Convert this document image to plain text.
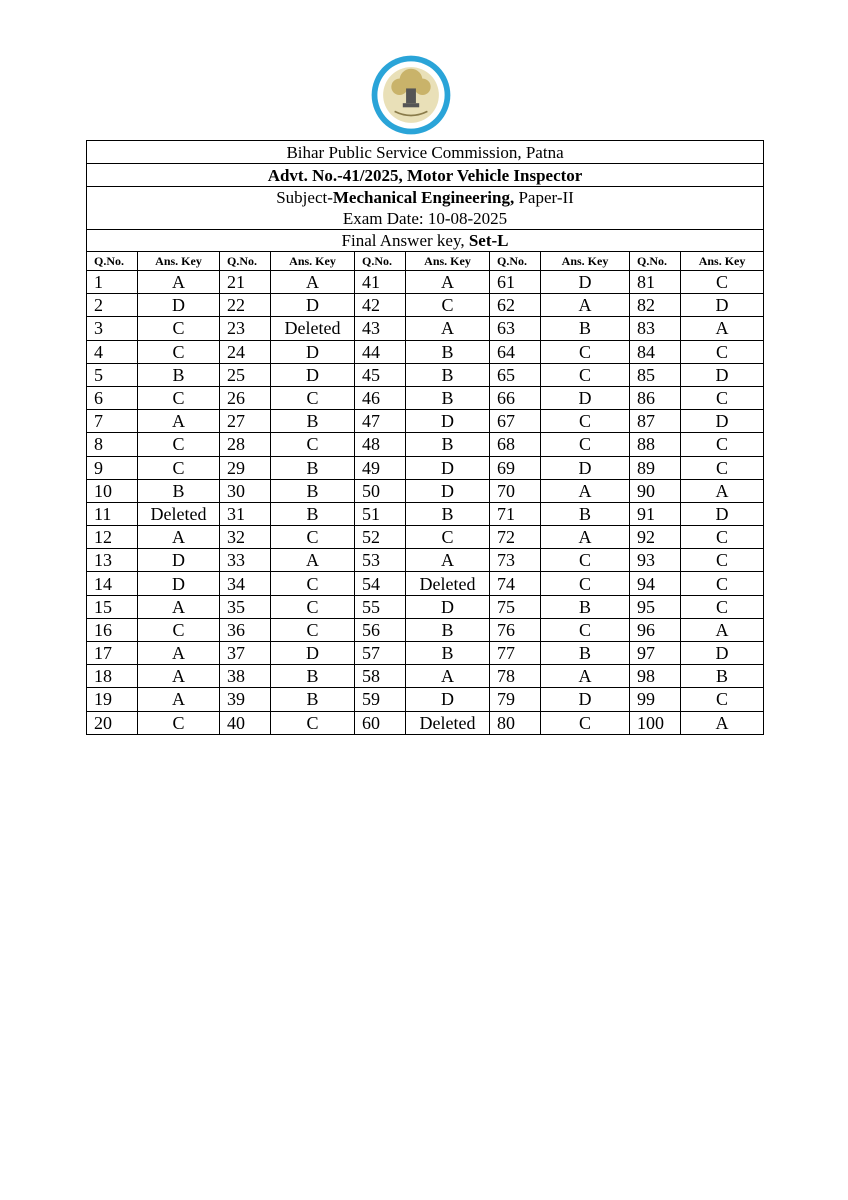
Bihar Public Service Commission, Patna									
Advt. No.-41/2025, Motor Vehicle Inspector									
Subject-Mechanical Engineering, Paper-II									
Exam Date: 10-08-2025									
Final Answer key, Set-L									
Q.No.	Ans. Key	Q.No.	Ans. Key	Q.No.	Ans. Key	Q.No.	Ans. Key	Q.No.	Ans. Key
1	A	21	A	41	A	61	D	81	C
2	D	22	D	42	C	62	A	82	D
3	C	23	Deleted	43	A	63	B	83	A
4	C	24	D	44	B	64	C	84	C
5	B	25	D	45	B	65	C	85	D
6	C	26	C	46	B	66	D	86	C
7	A	27	B	47	D	67	C	87	D
8	C	28	C	48	B	68	C	88	C
9	C	29	B	49	D	69	D	89	C
10	B	30	B	50	D	70	A	90	A
11	Deleted	31	B	51	B	71	B	91	D
12	A	32	C	52	C	72	A	92	C
13	D	33	A	53	A	73	C	93	C
14	D	34	C	54	Deleted	74	C	94	C
15	A	35	C	55	D	75	B	95	C
16	C	36	C	56	B	76	C	96	A
17	A	37	D	57	B	77	B	97	D
18	A	38	B	58	A	78	A	98	B
19	A	39	B	59	D	79	D	99	C
20	C	40	C	60	Deleted	80	C	100	A
